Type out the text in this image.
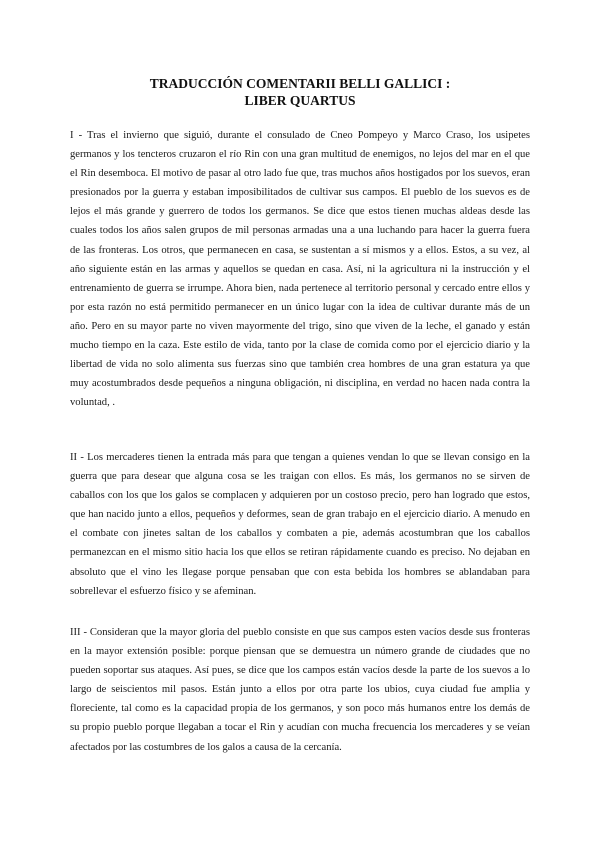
TRADUCCIÓN COMENTARII BELLI GALLICI :
LIBER QUARTUS

I - Tras el invierno que siguió, durante el consulado de Cneo Pompeyo y Marco Craso, los usipetes germanos y los tencteros cruzaron el río Rin con una gran multitud de enemigos, no lejos del mar en el que el Rin desemboca. El motivo de pasar al otro lado fue que, tras muchos años hostigados por los suevos, eran presionados por la guerra y estaban imposibilitados de cultivar sus campos. El pueblo de los suevos es de lejos el más grande y guerrero de todos los germanos. Se dice que estos tienen muchas aldeas desde las cuales todos los años salen grupos de mil personas armadas una a una luchando para hacer la guerra fuera de las fronteras. Los otros, que permanecen en casa, se sustentan a sí mismos y a ellos. Estos, a su vez, al año siguiente están en las armas y aquellos se quedan en casa. Así, ni la agricultura ni la instrucción y el entrenamiento de guerra se irrumpe. Ahora bien, nada pertenece al territorio personal y cercado entre ellos y por esta razón no está permitido permanecer en un único lugar con la idea de cultivar durante más de un año. Pero en su mayor parte no viven mayormente del trigo, sino que viven de la leche, el ganado y están mucho tiempo en la caza. Este estilo de vida, tanto por la clase de comida como por el ejercicio diario y la libertad de vida no solo alimenta sus fuerzas sino que también crea hombres de una gran estatura ya que muy acostumbrados desde pequeños a ninguna obligación, ni disciplina, en verdad no hacen nada contra la voluntad, .

II - Los mercaderes tienen la entrada más para que tengan a quienes vendan lo que se llevan consigo en la guerra que para desear que alguna cosa se les traigan con ellos. Es más, los germanos no se sirven de caballos con los que los galos se complacen y adquieren por un costoso precio, pero han logrado que estos, que han nacido junto a ellos, pequeños y deformes, sean de gran trabajo en el ejercicio diario. A menudo en el combate con jinetes saltan de los caballos y combaten a pie, además acostumbran que los caballos permanezcan en el mismo sitio hacia los que ellos se retiran rápidamente cuando es preciso. No dejaban en absoluto que el vino les llegase porque pensaban que con esta bebida los hombres se ablandaban para sobrellevar el esfuerzo físico y se afeminan.

III - Consideran que la mayor gloria del pueblo consiste en que sus campos esten vacíos desde sus fronteras en la mayor extensión posible: porque piensan que se demuestra un número grande de ciudades que no pueden soportar sus ataques. Así pues, se dice que los campos están vacíos desde la parte de los suevos a lo largo de seiscientos mil pasos. Están junto a ellos por otra parte los ubios, cuya ciudad fue amplia y floreciente, tal como es la capacidad propia de los germanos, y son poco más humanos entre los demás de su propio pueblo porque llegaban a tocar el Rin y acudían con mucha frecuencia los mercaderes y se veían afectados por las costumbres de los galos a causa de la cercanía.
